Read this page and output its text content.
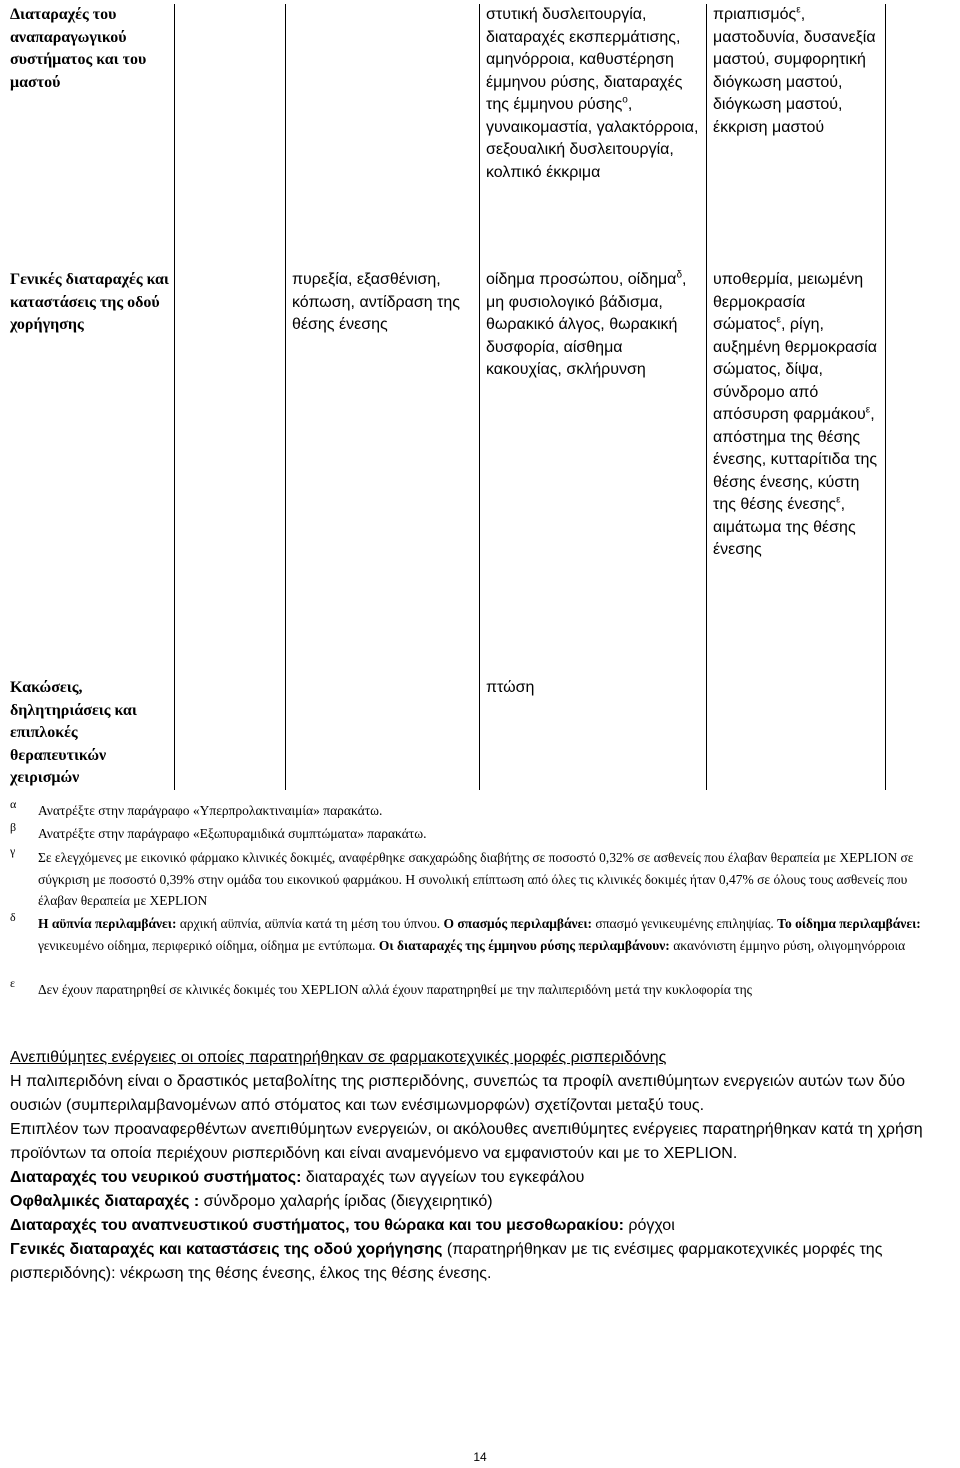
Διαταραχές του αναπαραγωγικού συστήματος και του μαστού			στυτική δυσλειτουργία, διαταραχές εκσπερμάτισης, αμηνόρροια, καθυστέρηση έμμηνου ρύσης, διαταραχές της έμμηνου ρύσης$^o$, γυναικομαστία, γαλακτόρροια, σεξουαλική δυσλειτουργία, κολπικό έκκριμα	πριαπισμός$^\varepsilon$, μαστοδυνία, δυσανεξία μαστού, συμφορητική διόγκωση μαστού, διόγκωση μαστού, έκκριση μαστού	
Γενικές διαταραχές και καταστάσεις της οδού χορήγησης		πυρεξία, εξασθένιση, κόπωση, αντίδραση της θέσης ένεσης	οίδημα προσώπου, οίδημα$^\delta$, μη φυσιολογικό βάδισμα, θωρακικό άλγος, θωρακική δυσφορία, αίσθημα κακουχίας, σκλήρυνση	υποθερμία, μειωμένη θερμοκρασία σώματος$^\varepsilon$, ρίγη, αυξημένη θερμοκρασία σώματος, δίψα, σύνδρομο από απόσυρση φαρμάκου$^\varepsilon$, απόστημα της θέσης ένεσης, κυτταρίτιδα της θέσης ένεσης, κύστη της θέσης ένεσης$^\varepsilon$, αιμάτωμα της θέσης ένεσης	
Κακώσεις, δηλητηριάσεις και επιπλοκές θεραπευτικών χειρισμών			πτώση		
α Ανατρέξτε στην παράγραφο «Υπερπρολακτιναιμία» παρακάτω.
β Ανατρέξτε στην παράγραφο «Εξωπυραμιδικά συμπτώματα» παρακάτω.
γ Σε ελεγχόμενες με εικονικό φάρμακο κλινικές δοκιμές, αναφέρθηκε σακχαρώδης διαβήτης σε ποσοστό 0,32% σε ασθενείς που έλαβαν θεραπεία με XEPLION σε σύγκριση με ποσοστό 0,39% στην ομάδα του εικονικού φαρμάκου. Η συνολική επίπτωση από όλες τις κλινικές δοκιμές ήταν 0,47% σε όλους τους ασθενείς που έλαβαν θεραπεία με XEPLION
δ Η αϋπνία περιλαμβάνει: αρχική αϋπνία, αϋπνία κατά τη μέση του ύπνου. Ο σπασμός περιλαμβάνει: σπασμό γενικευμένης επιληψίας. Το οίδημα περιλαμβάνει: γενικευμένο οίδημα, περιφερικό οίδημα, οίδημα με εντύπωμα. Οι διαταραχές της έμμηνου ρύσης περιλαμβάνουν: ακανόνιστη έμμηνο ρύση, ολιγομηνόρροια
ε Δεν έχουν παρατηρηθεί σε κλινικές δοκιμές του XEPLION αλλά έχουν παρατηρηθεί με την παλιπεριδόνη μετά την κυκλοφορία της
Ανεπιθύμητες ενέργειες οι οποίες παρατηρήθηκαν σε φαρμακοτεχνικές μορφές ρισπεριδόνης
Η παλιπεριδόνη είναι ο δραστικός μεταβολίτης της ρισπεριδόνης, συνεπώς τα προφίλ ανεπιθύμητων ενεργειών αυτών των δύο ουσιών (συμπεριλαμβανομένων από στόματος και των ενέσιμωνμορφών) σχετίζονται μεταξύ τους.
Επιπλέον των προαναφερθέντων ανεπιθύμητων ενεργειών, οι ακόλουθες ανεπιθύμητες ενέργειες παρατηρήθηκαν κατά τη χρήση προϊόντων τα οποία περιέχουν ρισπεριδόνη και είναι αναμενόμενο να εμφανιστούν και με το XEPLION.
Διαταραχές του νευρικού συστήματος: διαταραχές των αγγείων του εγκεφάλου
Οφθαλμικές διαταραχές : σύνδρομο χαλαρής ίριδας (διεγχειρητικό)
Διαταραχές του αναπνευστικού συστήματος, του θώρακα και του μεσοθωρακίου: ρόγχοι
Γενικές διαταραχές και καταστάσεις της οδού χορήγησης (παρατηρήθηκαν με τις ενέσιμες φαρμακοτεχνικές μορφές της ρισπεριδόνης): νέκρωση της θέσης ένεσης, έλκος της θέσης ένεσης.
14
